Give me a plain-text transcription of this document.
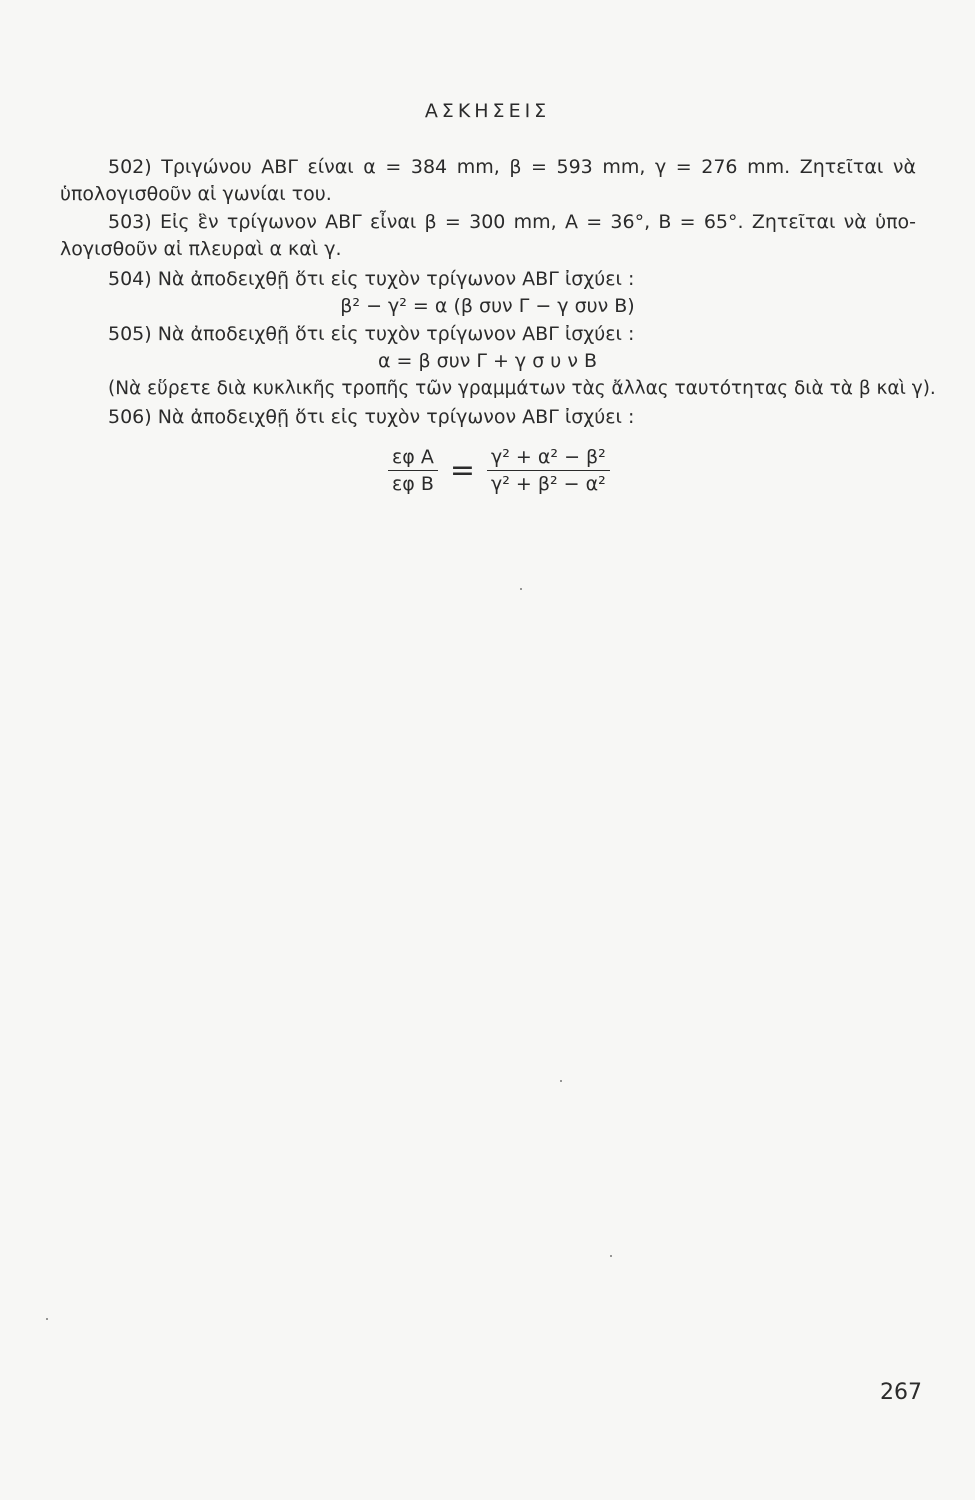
ΑΣΚΗΣΕΙΣ
502) Τριγώνου ΑΒΓ είναι α = 384 mm, β = 593 mm, γ = 276 mm. Ζητεῖται νὰ
ὑπολογισθοῦν αἱ γωνίαι του.
503) Εἰς ἓν τρίγωνον ΑΒΓ εἶναι β = 300 mm, Α = 36°, Β = 65°. Ζητεῖται νὰ ὑπο-
λογισθοῦν αἱ πλευραὶ α καὶ γ.
504) Νὰ ἀποδειχθῇ ὅτι εἰς τυχὸν τρίγωνον ΑΒΓ ἰσχύει :
β² − γ² = α (β συν Γ − γ συν Β)
505) Νὰ ἀποδειχθῇ ὅτι εἰς τυχὸν τρίγωνον ΑΒΓ ἰσχύει :
α = β συν Γ + γ σ υ ν Β
(Νὰ εὕρετε διὰ κυκλικῆς τροπῆς τῶν γραμμάτων τὰς ἄλλας ταυτότητας διὰ τὰ β καὶ γ).
506) Νὰ ἀποδειχθῇ ὅτι εἰς τυχὸν τρίγωνον ΑΒΓ ἰσχύει :
$\frac{\text{εφ Α}}{\text{εφ Β}} = \frac{\text{γ² + α² − β²}}{\text{γ² + β² − α²}}$
267
